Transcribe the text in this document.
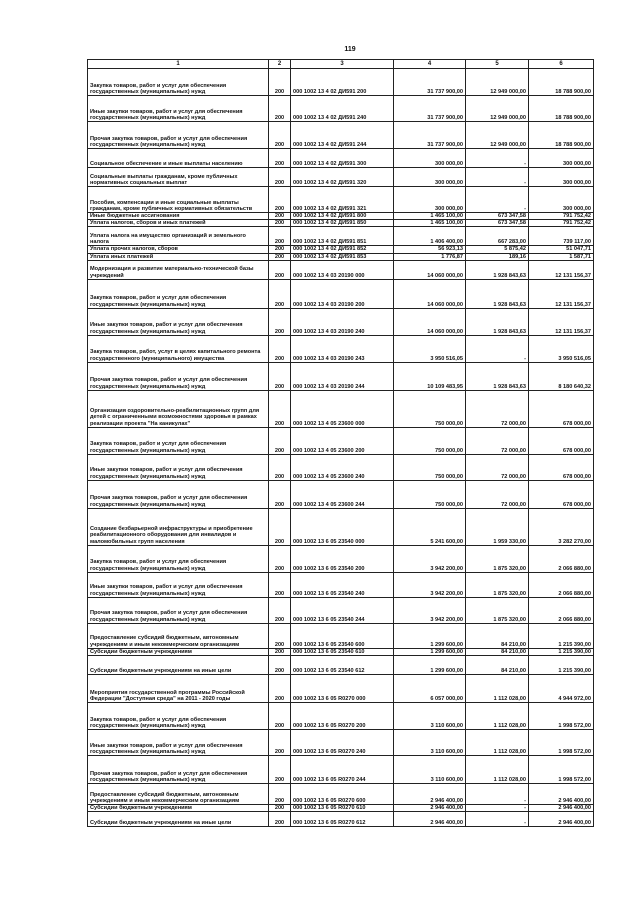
119
1	2	3	4	5	6
Закупка товаров, работ и услуг для обеспечения государственных (муниципальных) нужд	200	000 1002 13 4 02 ДИ591 200	31 737 900,00	12 949 000,00	18 788 900,00
Иные закупки товаров, работ и услуг для обеспечения государственных (муниципальных) нужд	200	000 1002 13 4 02 ДИ591 240	31 737 900,00	12 949 000,00	18 788 900,00
Прочая закупка товаров, работ и услуг для обеспечения государственных (муниципальных) нужд	200	000 1002 13 4 02 ДИ591 244	31 737 900,00	12 949 000,00	18 788 900,00
Социальное обеспечение и иные выплаты населению	200	000 1002 13 4 02 ДИ591 300	300 000,00	-	300 000,00
Социальные выплаты гражданам, кроме публичных нормативных социальных выплат	200	000 1002 13 4 02 ДИ591 320	300 000,00	-	300 000,00
Пособия, компенсации и иные социальные выплаты гражданам, кроме публичных нормативных обязательств	200	000 1002 13 4 02 ДИ591 321	300 000,00	-	300 000,00
Иные бюджетные ассигнования	200	000 1002 13 4 02 ДИ591 800	1 465 100,00	673 347,58	791 752,42
Уплата налогов, сборов и иных платежей	200	000 1002 13 4 02 ДИ591 850	1 465 100,00	673 347,58	791 752,42
Уплата налога на имущество организаций и земельного налога	200	000 1002 13 4 02 ДИ591 851	1 406 400,00	667 283,00	739 117,00
Уплата прочих налогов, сборов	200	000 1002 13 4 02 ДИ591 852	56 923,13	5 875,42	51 047,71
Уплата иных платежей	200	000 1002 13 4 02 ДИ591 853	1 776,87	189,16	1 587,71
Модернизация и развитие материально-технической базы учреждений	200	000 1002 13 4 03 20190 000	14 060 000,00	1 928 843,63	12 131 156,37
Закупка товаров, работ и услуг для обеспечения государственных (муниципальных) нужд	200	000 1002 13 4 03 20190 200	14 060 000,00	1 928 843,63	12 131 156,37
Иные закупки товаров, работ и услуг для обеспечения государственных (муниципальных) нужд	200	000 1002 13 4 03 20190 240	14 060 000,00	1 928 843,63	12 131 156,37
Закупка товаров, работ, услуг в целях капитального ремонта государственного (муниципального) имущества	200	000 1002 13 4 03 20190 243	3 950 516,05	-	3 950 516,05
Прочая закупка товаров, работ и услуг для обеспечения государственных (муниципальных) нужд	200	000 1002 13 4 03 20190 244	10 109 483,95	1 928 843,63	8 180 640,32
Организация оздоровительно-реабилитационных групп для детей с ограниченными возможностями здоровья в рамках реализации проекта "На каникулах"	200	000 1002 13 4 05 23600 000	750 000,00	72 000,00	678 000,00
Закупка товаров, работ и услуг для обеспечения государственных (муниципальных) нужд	200	000 1002 13 4 05 23600 200	750 000,00	72 000,00	678 000,00
Иные закупки товаров, работ и услуг для обеспечения государственных (муниципальных) нужд	200	000 1002 13 4 05 23600 240	750 000,00	72 000,00	678 000,00
Прочая закупка товаров, работ и услуг для обеспечения государственных (муниципальных) нужд	200	000 1002 13 4 05 23600 244	750 000,00	72 000,00	678 000,00
Создание безбарьерной инфраструктуры и приобретение реабилитационного оборудования для инвалидов и маломобильных групп населения	200	000 1002 13 6 05 23540 000	5 241 600,00	1 959 330,00	3 282 270,00
Закупка товаров, работ и услуг для обеспечения государственных (муниципальных) нужд	200	000 1002 13 6 05 23540 200	3 942 200,00	1 875 320,00	2 066 880,00
Иные закупки товаров, работ и услуг для обеспечения государственных (муниципальных) нужд	200	000 1002 13 6 05 23540 240	3 942 200,00	1 875 320,00	2 066 880,00
Прочая закупка товаров, работ и услуг для обеспечения государственных (муниципальных) нужд	200	000 1002 13 6 05 23540 244	3 942 200,00	1 875 320,00	2 066 880,00
Предоставление субсидий бюджетным, автономным учреждениям и иным некоммерческим организациям	200	000 1002 13 6 05 23540 600	1 299 600,00	84 210,00	1 215 390,00
Субсидии бюджетным учреждениям	200	000 1002 13 6 05 23540 610	1 299 600,00	84 210,00	1 215 390,00
Субсидии бюджетным учреждениям на иные цели	200	000 1002 13 6 05 23540 612	1 299 600,00	84 210,00	1 215 390,00
Мероприятия государственной программы Российской Федерации "Доступная среда" на 2011 - 2020 годы	200	000 1002 13 6 05 R0270 000	6 057 000,00	1 112 028,00	4 944 972,00
Закупка товаров, работ и услуг для обеспечения государственных (муниципальных) нужд	200	000 1002 13 6 05 R0270 200	3 110 600,00	1 112 028,00	1 998 572,00
Иные закупки товаров, работ и услуг для обеспечения государственных (муниципальных) нужд	200	000 1002 13 6 05 R0270 240	3 110 600,00	1 112 028,00	1 998 572,00
Прочая закупка товаров, работ и услуг для обеспечения государственных (муниципальных) нужд	200	000 1002 13 6 05 R0270 244	3 110 600,00	1 112 028,00	1 998 572,00
Предоставление субсидий бюджетным, автономным учреждениям и иным некоммерческим организациям	200	000 1002 13 6 05 R0270 600	2 946 400,00	-	2 946 400,00
Субсидии бюджетным учреждениям	200	000 1002 13 6 05 R0270 610	2 946 400,00	-	2 946 400,00
Субсидии бюджетным учреждениям на иные цели	200	000 1002 13 6 05 R0270 612	2 946 400,00	-	2 946 400,00
